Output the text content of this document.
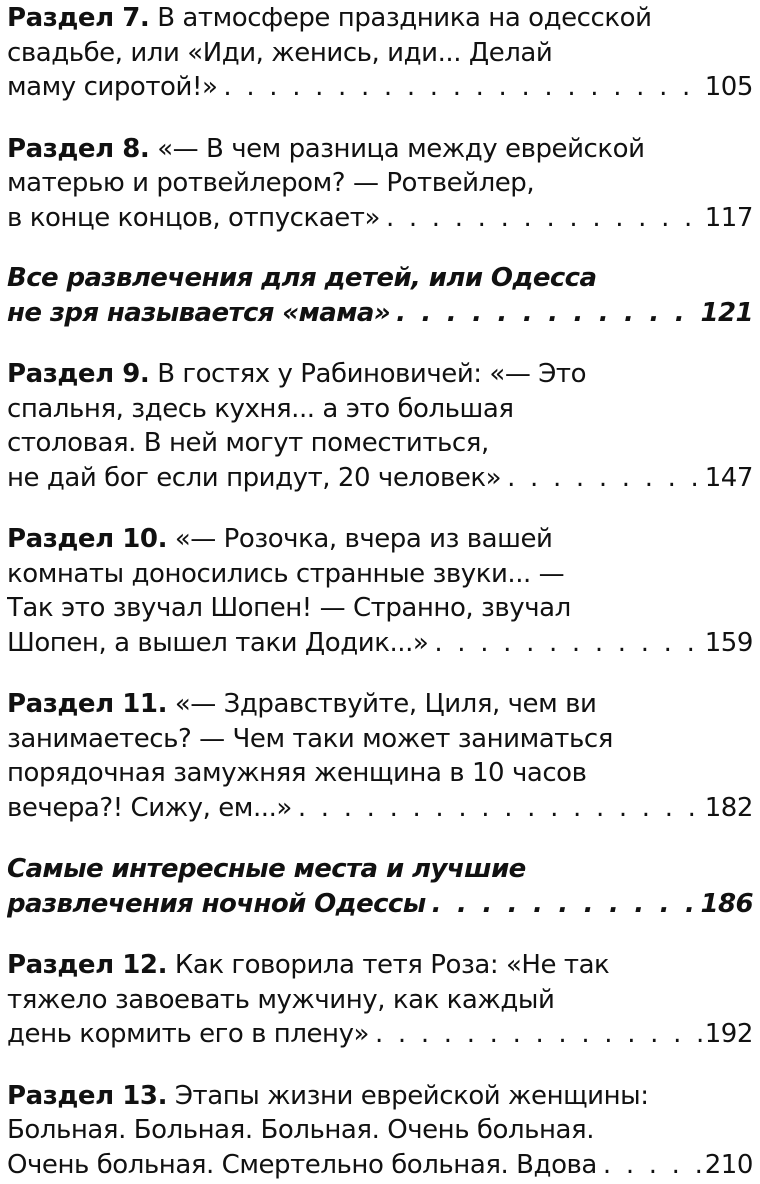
Раздел 7. В атмосфере праздника на одесской
свадьбе, или «Иди, женись, иди... Делай
маму сиротой!» . . .	105
Раздел 8. «— В чем разница между еврейской
матерью и ротвейлером? — Ротвейлер,
в конце концов, отпускает» . . .	117
Все развлечения для детей, или Одесса
не зря называется «мама» . . .	121
Раздел 9. В гостях у Рабиновичей: «— Это
спальня, здесь кухня... а это большая
столовая. В ней могут поместиться,
не дай бог если придут, 20 человек» . . .	147
Раздел 10. «— Розочка, вчера из вашей
комнаты доносились странные звуки... —
Так это звучал Шопен! — Странно, звучал
Шопен, а вышел таки Додик...» . . .	159
Раздел 11. «— Здравствуйте, Циля, чем ви
занимаетесь? — Чем таки может заниматься
порядочная замужняя женщина в 10 часов
вечера?! Сижу, ем...» . . .	182
Самые интересные места и лучшие
развлечения ночной Одессы . . .	186
Раздел 12. Как говорила тетя Роза: «Не так
тяжело завоевать мужчину, как каждый
день кормить его в плену» . . .	192
Раздел 13. Этапы жизни еврейской женщины:
Больная. Больная. Больная. Очень больная.
Очень больная. Смертельно больная. Вдова . . .	210
